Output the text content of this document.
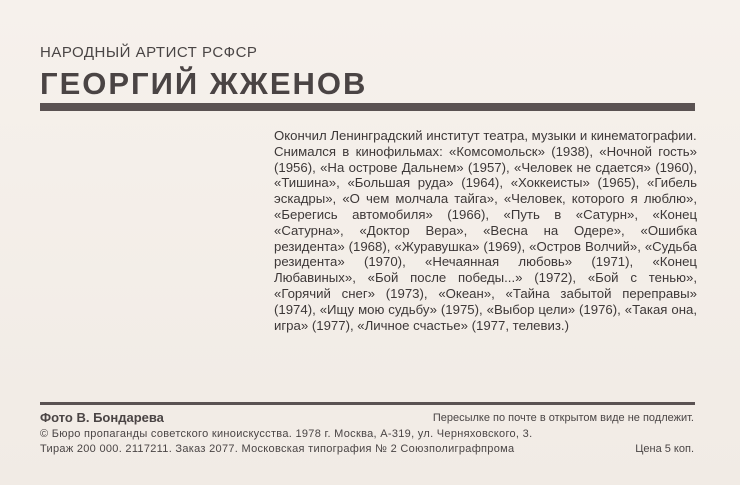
НАРОДНЫЙ АРТИСТ РСФСР
ГЕОРГИЙ ЖЖЕНОВ

Окончил Ленинградский институт театра, музыки и кинематографии.

Снимался в кинофильмах: «Комсомольск» (1938), «Ночной гость» (1956), «На острове Дальнем» (1957), «Человек не сдается» (1960), «Тишина», «Большая руда» (1964), «Хоккеисты» (1965), «Гибель эскадры», «О чем молчала тайга», «Человек, которого я люблю», «Берегись автомобиля» (1966), «Путь в «Сатурн», «Конец «Сатурна», «Доктор Вера», «Весна на Одере», «Ошибка резидента» (1968), «Журавушка» (1969), «Остров Волчий», «Судьба резидента» (1970), «Нечаянная любовь» (1971), «Конец Любавиных», «Бой после победы...» (1972), «Бой с тенью», «Горячий снег» (1973), «Океан», «Тайна забытой переправы» (1974), «Ищу мою судьбу» (1975), «Выбор цели» (1976), «Такая она, игра» (1977), «Личное счастье» (1977, телевиз.)

Фото В. Бондарева	Пересылке по почте в открытом виде не подлежит.
© Бюро пропаганды советского киноискусства. 1978 г. Москва, А-319, ул. Черняховского, 3.
Тираж 200 000. 2117211. Заказ 2077. Московская типография № 2 Союзполиграфпрома	Цена 5 коп.
